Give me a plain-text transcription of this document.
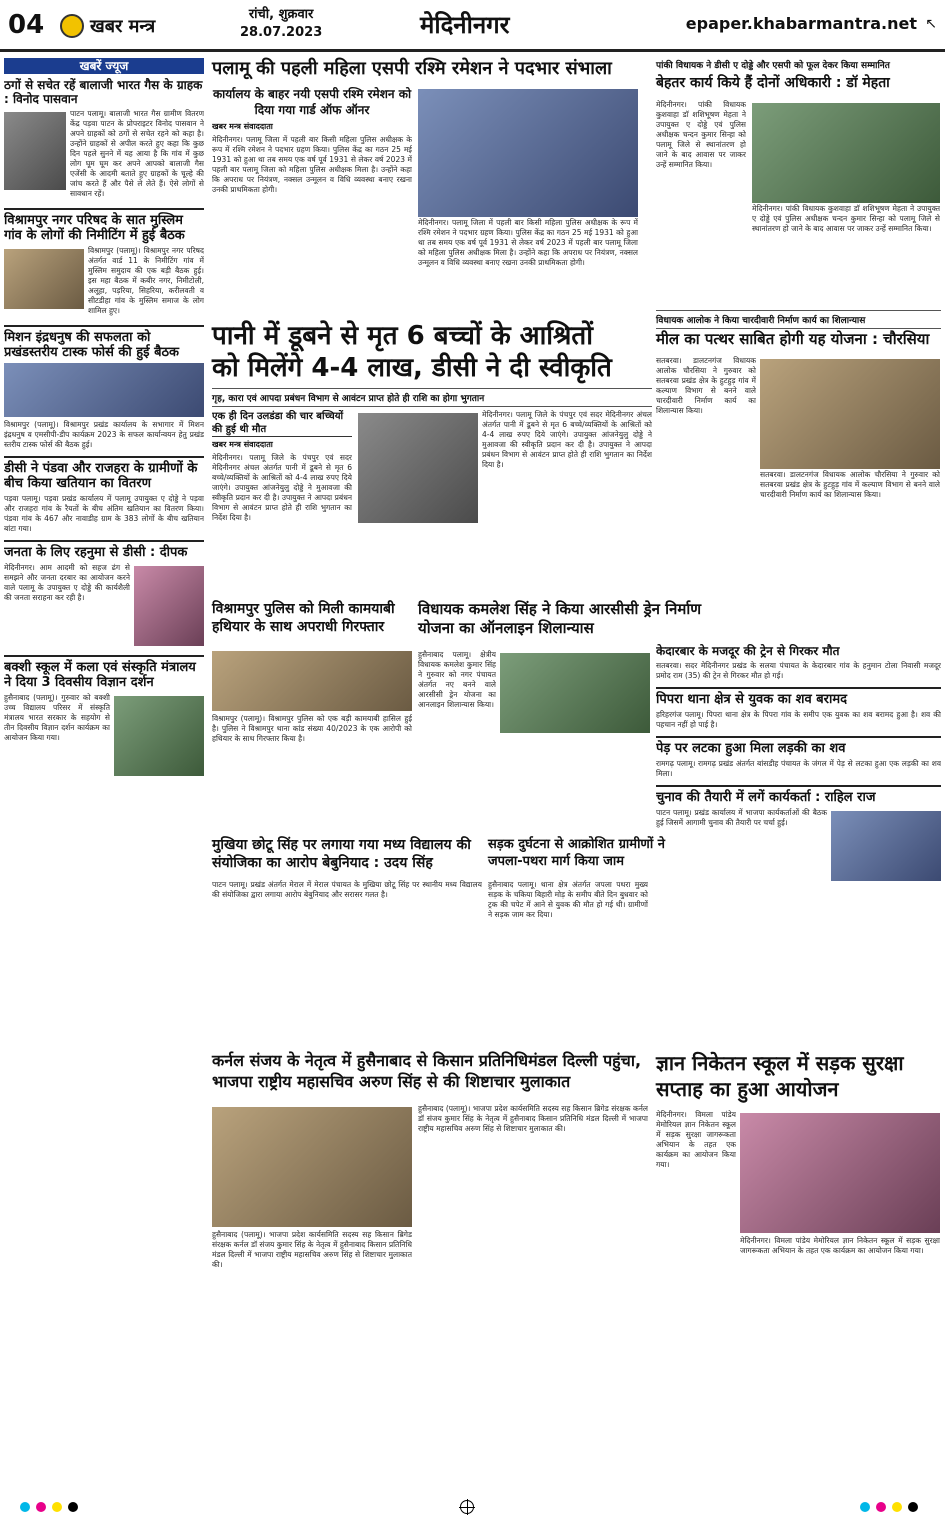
04	खबर मन्त्र
रांची, शुक्रवार
28.07.2023	मेदिनीनगर	epaper.khabarmantra.net ↖
खबरें ज्यूज
ठगों से सचेत रहें बालाजी भारत गैस के ग्राहक : विनोद पासवान

पाटन पलामू। बालाजी भारत गैस ग्रामीण वितरण केंद्र पड़वा पाटन के प्रोपराइटर विनोद पासवान ने अपने ग्राहकों को ठगों से सचेत रहने को कहा है। उन्होंने ग्राहकों से अपील करते हुए कहा कि कुछ दिन पहले सुनने में यह आया है कि गांव में कुछ लोग घूम घूम कर अपने आपको बालाजी गैस एजेंसी के आदमी बताते हुए ग्राहकों के चूल्हे की जांच करते हैं और पैसे ले लेते हैं। ऐसे लोगों से सावधान रहें।

विश्रामपुर नगर परिषद के सात मुस्लिम गांव के लोगों की निमीटिंग में हुई बैठक

विश्रामपुर (पलामू)। विश्रामपुर नगर परिषद अंतर्गत वार्ड 11 के निमीटिंग गांव में मुस्लिम समुदाय की एक बड़ी बैठक हुई। इस महा बैठक में कबीर नगर, निमीटोली, अलूहा, पड़रिया, सिहरिया, करीलवती व सीटडीहा गांव के मुस्लिम समाज के लोग शामिल हुए।

मिशन इंद्रधनुष की सफलता को प्रखंडस्तरीय टास्क फोर्स की हुई बैठक

विश्रामपुर (पलामू)। विश्रामपुर प्रखंड कार्यालय के सभागार में मिशन इंद्रधनुष व एमसीपी-डीप कार्यक्रम 2023 के सफल कार्यान्वयन हेतु प्रखंड स्तरीय टास्क फोर्स की बैठक हुई।

डीसी ने पंडवा और राजहरा के ग्रामीणों के बीच किया खतियान का वितरण

पड़वा पलामू। पड़वा प्रखंड कार्यालय में पलामू उपायुक्त ए दोड्डे ने पड़वा और राजहरा गांव के रैयतों के बीच अंतिम खतियान का वितरण किया। पंडवा गांव के 467 और नावाडीह ग्राम के 383 लोगों के बीच खतियान बांटा गया।

जनता के लिए रहनुमा से डीसी : दीपक

मेदिनीनगर। आम आदमी को सहज ढंग से समझने और जनता दरबार का आयोजन करने वाले पलामू के उपायुक्त ए दोड्डे की कार्यशैली की जनता सराहना कर रही है।

बक्शी स्कूल में कला एवं संस्कृति मंत्रालय ने दिया 3 दिवसीय विज्ञान दर्शन

हुसैनाबाद (पलामू)। गुरुवार को बक्शी उच्च विद्यालय परिसर में संस्कृति मंत्रालय भारत सरकार के सहयोग से तीन दिवसीय विज्ञान दर्शन कार्यक्रम का आयोजन किया गया।

पलामू की पहली महिला एसपी रश्मि रमेशन ने पदभार संभाला
कार्यालय के बाहर नयी एसपी रश्मि रमेशन को दिया गया गार्ड ऑफ ऑनर
खबर मन्त्र संवाददाता

मेदिनीनगर। पलामू जिला में पहली बार किसी महिला पुलिस अधीक्षक के रूप में रश्मि रमेशन ने पदभार ग्रहण किया। पुलिस केंद्र का गठन 25 मई 1931 को हुआ था तब समय एक वर्ष पूर्व 1931 से लेकर वर्ष 2023 में पहली बार पलामू जिला को महिला पुलिस अधीक्षक मिला है। उन्होंने कहा कि अपराध पर नियंत्रण, नक्सल उन्मूलन व विधि व्यवस्था बनाए रखना उनकी प्राथमिकता होगी।

मेदिनीनगर। पलामू जिला में पहली बार किसी महिला पुलिस अधीक्षक के रूप में रश्मि रमेशन ने पदभार ग्रहण किया। पुलिस केंद्र का गठन 25 मई 1931 को हुआ था तब समय एक वर्ष पूर्व 1931 से लेकर वर्ष 2023 में पहली बार पलामू जिला को महिला पुलिस अधीक्षक मिला है। उन्होंने कहा कि अपराध पर नियंत्रण, नक्सल उन्मूलन व विधि व्यवस्था बनाए रखना उनकी प्राथमिकता होगी।

पानी में डूबने से मृत 6 बच्चों के आश्रितों
को मिलेंगे 4-4 लाख, डीसी ने दी स्वीकृति
गृह, कारा एवं आपदा प्रबंधन विभाग से आवंटन प्राप्त होते ही राशि का होगा भुगतान
एक ही दिन उलडंडा की चार बच्चियों की हुई थी मौत
खबर मन्त्र संवाददाता

मेदिनीनगर। पलामू जिले के पंचपुर एवं सदर मेदिनीनगर अंचल अंतर्गत पानी में डूबने से मृत 6 बच्चे/व्यक्तियों के आश्रितों को 4-4 लाख रुपए दिये जाएंगे। उपायुक्त आंजनेयुलु दोड्डे ने मुआवजा की स्वीकृति प्रदान कर दी है। उपायुक्त ने आपदा प्रबंधन विभाग से आवंटन प्राप्त होते ही राशि भुगतान का निर्देश दिया है।

मेदिनीनगर। पलामू जिले के पंचपुर एवं सदर मेदिनीनगर अंचल अंतर्गत पानी में डूबने से मृत 6 बच्चे/व्यक्तियों के आश्रितों को 4-4 लाख रुपए दिये जाएंगे। उपायुक्त आंजनेयुलु दोड्डे ने मुआवजा की स्वीकृति प्रदान कर दी है। उपायुक्त ने आपदा प्रबंधन विभाग से आवंटन प्राप्त होते ही राशि भुगतान का निर्देश दिया है।

विश्रामपुर पुलिस को मिली कामयाबी हथियार के साथ अपराधी गिरफ्तार

विश्रामपुर (पलामू)। विश्रामपुर पुलिस को एक बड़ी कामयाबी हासिल हुई है। पुलिस ने विश्रामपुर थाना कांड संख्या 40/2023 के एक आरोपी को हथियार के साथ गिरफ्तार किया है।

विधायक कमलेश सिंह ने किया आरसीसी ड्रेन निर्माण योजना का ऑनलाइन शिलान्यास

हुसैनाबाद पलामू। क्षेत्रीय विधायक कमलेश कुमार सिंह ने गुरुवार को नगर पंचायत अंतर्गत नए बनने वाले आरसीसी ड्रेन योजना का आनलाइन शिलान्यास किया।

मुखिया छोटू सिंह पर लगाया गया मध्य विद्यालय की संयोजिका का आरोप बेबुनियाद : उदय सिंह

पाटन पलामू। प्रखंड अंतर्गत मेराल में मेराल पंचायत के मुखिया छोटू सिंह पर स्थानीय मध्य विद्यालय की संयोजिका द्वारा लगाया आरोप बेबुनियाद और सरासर गलत है।

सड़क दुर्घटना से आक्रोशित ग्रामीणों ने जपला-पथरा मार्ग किया जाम

हुसैनाबाद पलामू। थाना क्षेत्र अंतर्गत जपला पथरा मुख्य सड़क के चकिया बिहारी मोड़ के समीप बीते दिन बुधवार को ट्रक की चपेट में आने से युवक की मौत हो गई थी। ग्रामीणों ने सड़क जाम कर दिया।

कर्नल संजय के नेतृत्व में हुसैनाबाद से किसान प्रतिनिधिमंडल दिल्ली पहुंचा, भाजपा राष्ट्रीय महासचिव अरुण सिंह से की शिष्टाचार मुलाकात

हुसैनाबाद (पलामू)। भाजपा प्रदेश कार्यसमिति सदस्य सह किसान ब्रिगेड संरक्षक कर्नल डॉ संजय कुमार सिंह के नेतृत्व में हुसैनाबाद किसान प्रतिनिधि मंडल दिल्ली में भाजपा राष्ट्रीय महासचिव अरुण सिंह से शिष्टाचार मुलाकात की।

हुसैनाबाद (पलामू)। भाजपा प्रदेश कार्यसमिति सदस्य सह किसान ब्रिगेड संरक्षक कर्नल डॉ संजय कुमार सिंह के नेतृत्व में हुसैनाबाद किसान प्रतिनिधि मंडल दिल्ली में भाजपा राष्ट्रीय महासचिव अरुण सिंह से शिष्टाचार मुलाकात की।

पांकी विधायक ने डीसी ए दोड्डे और एसपी को फूल देकर किया सम्मानित
बेहतर कार्य किये हैं दोनों अधिकारी : डॉ मेहता

मेदिनीनगर। पांकी विधायक कुशवाहा डॉ शशिभूषण मेहता ने उपायुक्त ए दोड्डे एवं पुलिस अधीक्षक चन्दन कुमार सिन्हा को पलामू जिले से स्थानांतरण हो जाने के बाद आवास पर जाकर उन्हें सम्मानित किया।

मेदिनीनगर। पांकी विधायक कुशवाहा डॉ शशिभूषण मेहता ने उपायुक्त ए दोड्डे एवं पुलिस अधीक्षक चन्दन कुमार सिन्हा को पलामू जिले से स्थानांतरण हो जाने के बाद आवास पर जाकर उन्हें सम्मानित किया।

विधायक आलोक ने किया चारदीवारी निर्माण कार्य का शिलान्यास
मील का पत्थर साबित होगी यह योजना : चौरसिया

सतबरवा। डालटनगंज विधायक आलोक चौरसिया ने गुरुवार को सतबरवा प्रखंड क्षेत्र के हुटहुड़ गांव में कल्याण विभाग से बनने वाले चारदीवारी निर्माण कार्य का शिलान्यास किया।

सतबरवा। डालटनगंज विधायक आलोक चौरसिया ने गुरुवार को सतबरवा प्रखंड क्षेत्र के हुटहुड़ गांव में कल्याण विभाग से बनने वाले चारदीवारी निर्माण कार्य का शिलान्यास किया।

केदारबार के मजदूर की ट्रेन से गिरकर मौत

सतबरवा। सदर मेदिनीनगर प्रखंड के सलया पंचायत के केदारबार गांव के हनुमान टोला निवासी मजदूर प्रमोद राम (35) की ट्रेन से गिरकर मौत हो गई।

पिपरा थाना क्षेत्र से युवक का शव बरामद

हरिहरगंज पलामू। पिपरा थाना क्षेत्र के पिपरा गांव के समीप एक युवक का शव बरामद हुआ है। शव की पहचान नहीं हो पाई है।

पेड़ पर लटका हुआ मिला लड़की का शव

रामगढ़ पलामू। रामगढ़ प्रखंड अंतर्गत बांसडीह पंचायत के जंगल में पेड़ से लटका हुआ एक लड़की का शव मिला।

चुनाव की तैयारी में लगें कार्यकर्ता : राहिल राज

पाटन पलामू। प्रखंड कार्यालय में भाजपा कार्यकर्ताओं की बैठक हुई जिसमें आगामी चुनाव की तैयारी पर चर्चा हुई।

ज्ञान निकेतन स्कूल में सड़क सुरक्षा सप्ताह का हुआ आयोजन

मेदिनीनगर। विमला पांडेय मेमोरियल ज्ञान निकेतन स्कूल में सड़क सुरक्षा जागरूकता अभियान के तहत एक कार्यक्रम का आयोजन किया गया।

मेदिनीनगर। विमला पांडेय मेमोरियल ज्ञान निकेतन स्कूल में सड़क सुरक्षा जागरूकता अभियान के तहत एक कार्यक्रम का आयोजन किया गया।
